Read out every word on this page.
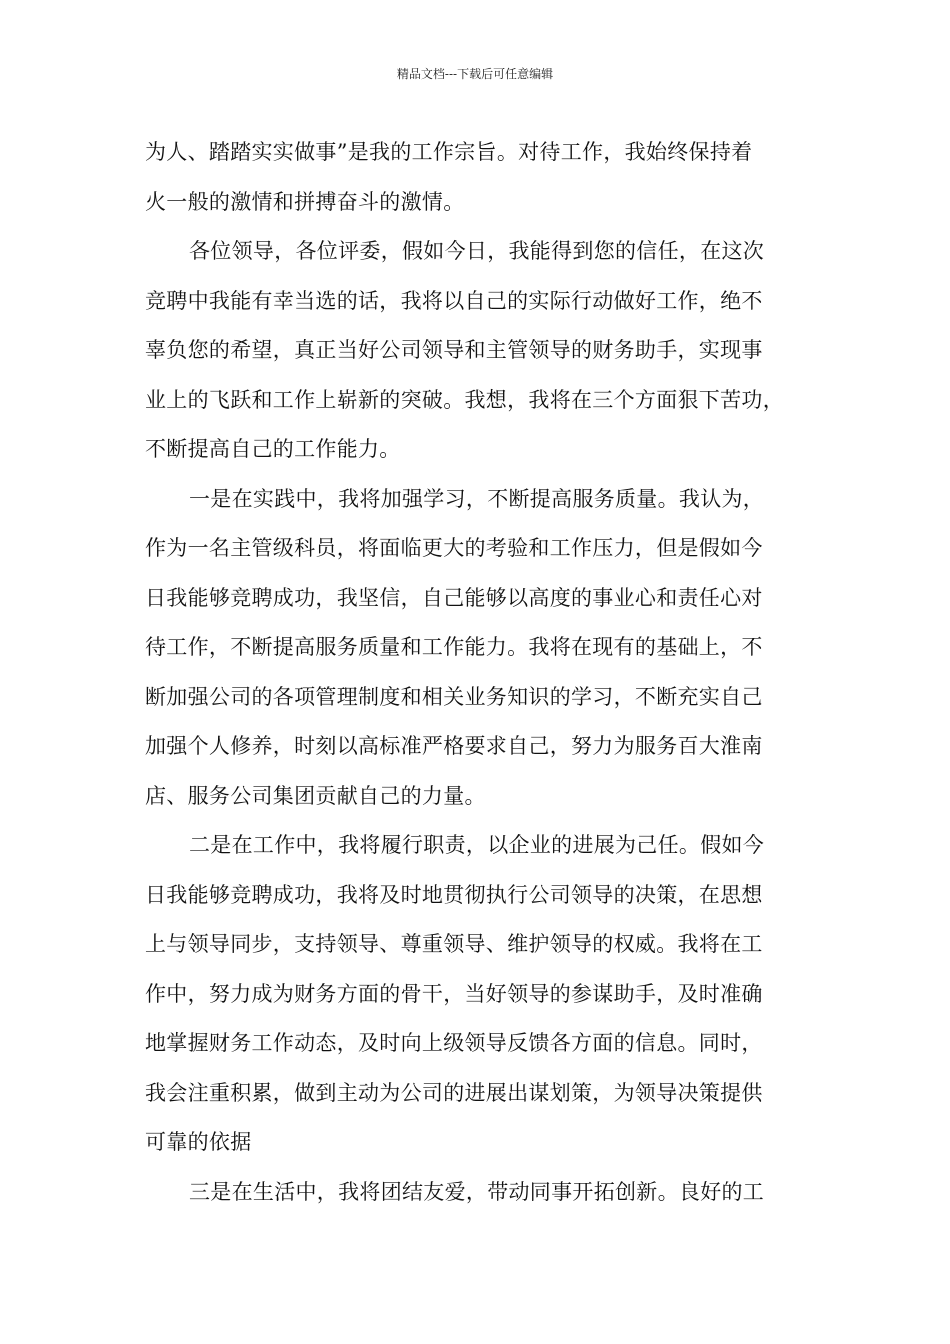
精品文档---下载后可任意编辑
为人、踏踏实实做事”是我的工作宗旨。对待工作，我始终保持着
火一般的激情和拼搏奋斗的激情。
各位领导，各位评委，假如今日，我能得到您的信任，在这次
竞聘中我能有幸当选的话，我将以自己的实际行动做好工作，绝不
辜负您的希望，真正当好公司领导和主管领导的财务助手，实现事
业上的飞跃和工作上崭新的突破。我想，我将在三个方面狠下苦功，
不断提高自己的工作能力。
一是在实践中，我将加强学习，不断提高服务质量。我认为，
作为一名主管级科员，将面临更大的考验和工作压力，但是假如今
日我能够竞聘成功，我坚信，自己能够以高度的事业心和责任心对
待工作，不断提高服务质量和工作能力。我将在现有的基础上，不
断加强公司的各项管理制度和相关业务知识的学习，不断充实自己
加强个人修养，时刻以高标准严格要求自己，努力为服务百大淮南
店、服务公司集团贡献自己的力量。
二是在工作中，我将履行职责，以企业的进展为己任。假如今
日我能够竞聘成功，我将及时地贯彻执行公司领导的决策，在思想
上与领导同步，支持领导、尊重领导、维护领导的权威。我将在工
作中，努力成为财务方面的骨干，当好领导的参谋助手，及时准确
地掌握财务工作动态，及时向上级领导反馈各方面的信息。同时，
我会注重积累，做到主动为公司的进展出谋划策，为领导决策提供
可靠的依据
三是在生活中，我将团结友爱，带动同事开拓创新。良好的工
